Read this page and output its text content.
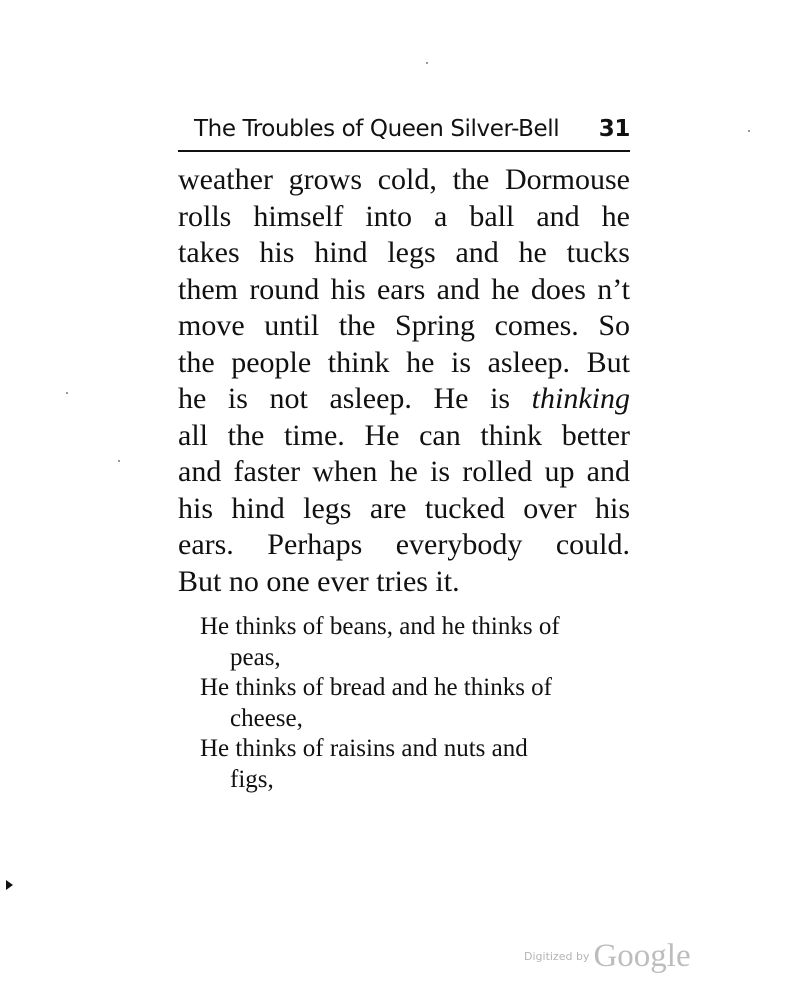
The Troubles of Queen Silver-Bell 31
weather grows cold, the Dormouse
rolls himself into a ball and he
takes his hind legs and he tucks
them round his ears and he does n’t
move until the Spring comes. So
the people think he is asleep. But
he is not asleep. He is thinking
all the time. He can think better
and faster when he is rolled up and
his hind legs are tucked over his
ears. Perhaps everybody could.
But no one ever tries it.
He thinks of beans, and he thinks of
peas,
He thinks of bread and he thinks of
cheese,
He thinks of raisins and nuts and
figs,
Digitized by Google
